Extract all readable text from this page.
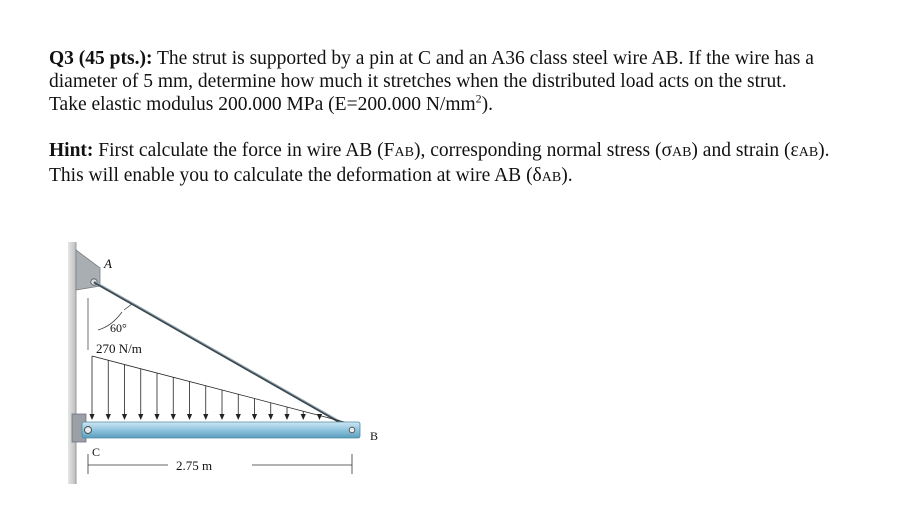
Q3 (45 pts.): The strut is supported by a pin at C and an A36 class steel wire AB. If the wire has a
diameter of 5 mm, determine how much it stretches when the distributed load acts on the strut.
Take elastic modulus 200.000 MPa (E=200.000 $N/mm^2$).

Hint: First calculate the force in wire AB (FAB), corresponding normal stress (σAB) and strain (εAB).
This will enable you to calculate the deformation at wire AB (δAB).

A
B
C
60°
270 N/m
2.75 m
